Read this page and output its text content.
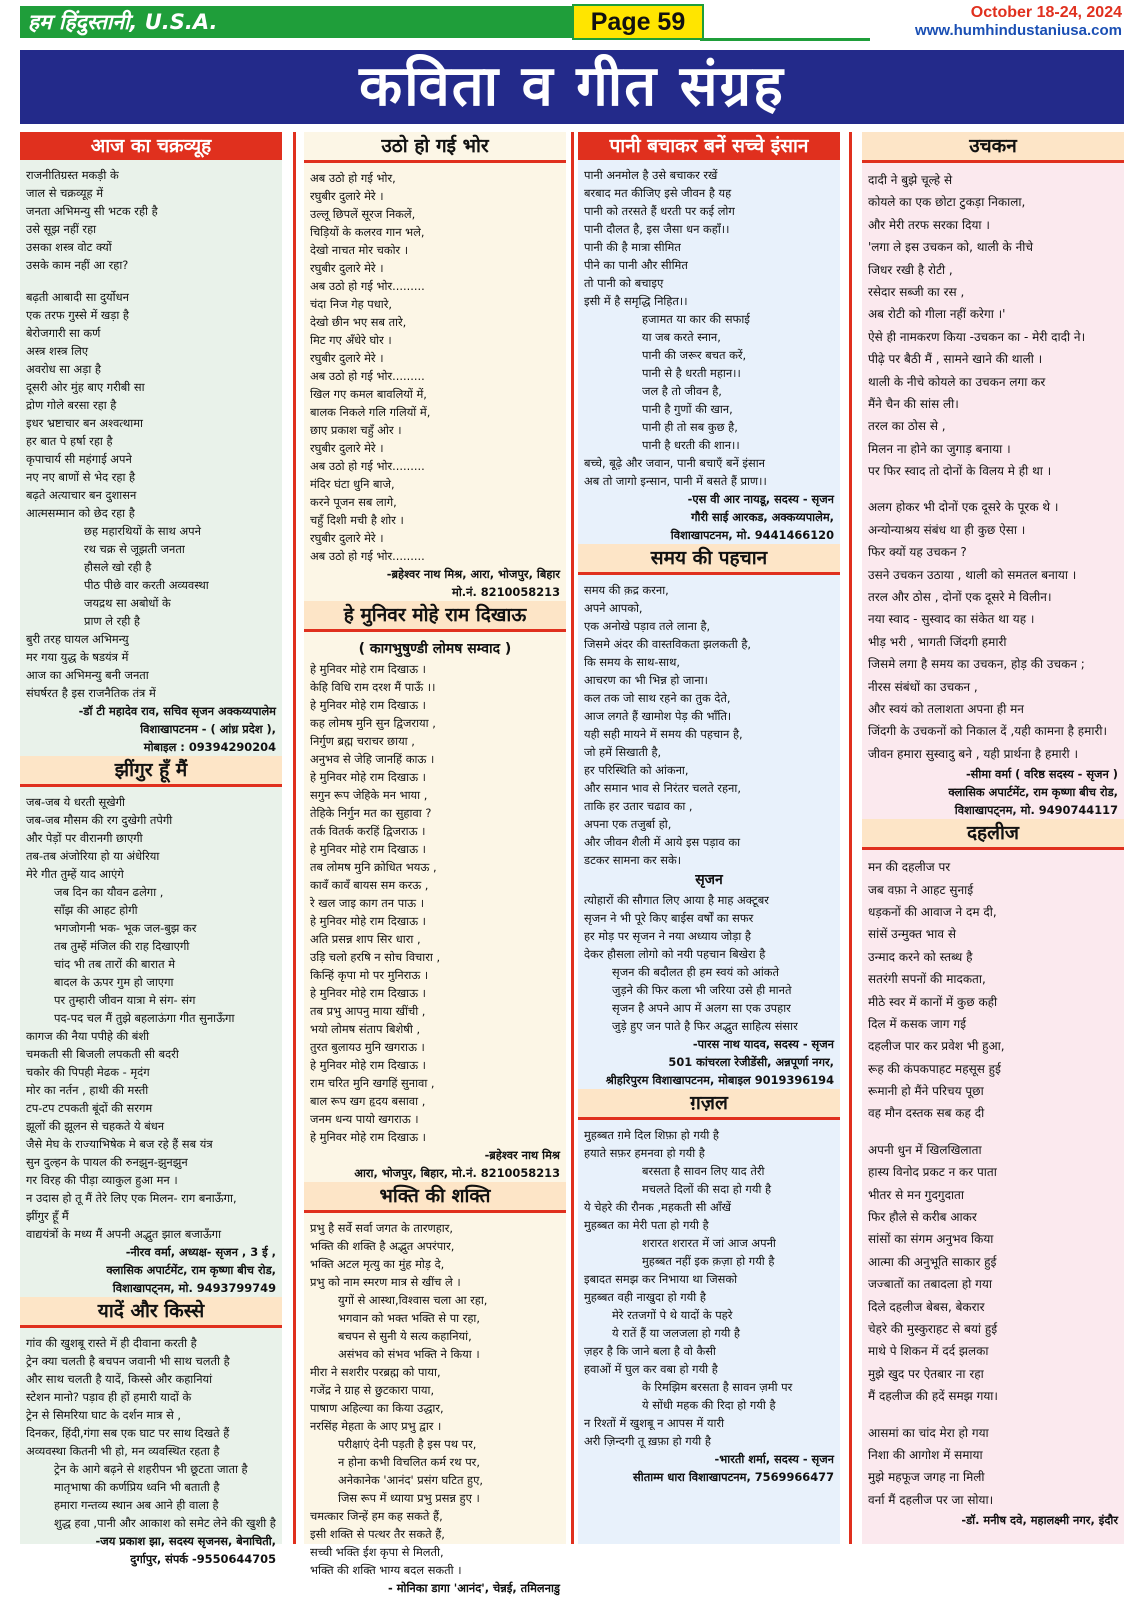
हम हिंदुस्तानी, U.S.A.	Page 59	October 18-24, 2024
www.humhindustaniusa.com
कविता व गीत संग्रह
आज का चक्रव्यूह
राजनीतिग्रस्त मकड़ी के
जाल से चक्रव्यूह में
जनता अभिमन्यु सी भटक रही है
उसे सूझ नहीं रहा
उसका शस्त्र वोट क्यों
उसके काम नहीं आ रहा?
बढ़ती आबादी सा दुर्योधन
एक तरफ गुस्से में खड़ा है
बेरोजगारी सा कर्ण
अस्त्र शस्त्र लिए
अवरोध सा अड़ा है
दूसरी ओर मुंह बाए गरीबी सा
द्रोण गोले बरसा रहा है
इधर भ्रष्टाचार बन अश्वत्थामा
हर बात पे हर्षा रहा है
कृपाचार्य सी महंगाई अपने
नए नए बाणों से भेद रहा है
बढ़ते अत्याचार बन दुशासन
आत्मसम्मान को छेद रहा है
छह महारथियों के साथ अपने
रथ चक्र से जूझती जनता
हौसले खो रही है
पीठ पीछे वार करती अव्यवस्था
जयद्रथ सा अबोधों के
प्राण ले रही है
बुरी तरह घायल अभिमन्यु
मर गया युद्ध के षडयंत्र में
आज का अभिमन्यु बनी जनता
संघर्षरत है इस राजनैतिक तंत्र में
-डॉ टी महादेव राव, सचिव सृजन अक्कय्यपालेम
विशाखापटनम - ( आंध्र प्रदेश ),
मोबाइल : 09394290204
झींगुर हूँ मैं
जब-जब ये धरती सूखेगी
जब-जब मौसम की रग दुखेगी तपेगी
और पेड़ों पर वीरानगी छाएगी
तब-तब अंजोरिया हो या अंधेरिया
मेरे गीत तुम्हें याद आएंगे
जब दिन का यौवन ढलेगा ,
साँझ की आहट होगी
भगजोगनी भक- भूक जल-बुझ कर
तब तुम्हें मंजिल की राह दिखाएगी
चांद भी तब तारों की बारात मे
बादल के ऊपर गुम हो जाएगा
पर तुम्हारी जीवन यात्रा मे संग- संग
पद-पद चल मैं तुझे बहलाऊंगा गीत सुनाऊँगा
कागज की नैया पपीहे की बंशी
चमकती सी बिजली लपकती सी बदरी
चकोर की पिपही मेढक - मृदंग
मोर का नर्तन , हाथी की मस्ती
टप-टप टपकती बूंदों की सरगम
झूलों की झूलन से चहकते ये बंधन
जैसे मेघ के राज्याभिषेक मे बज रहे हैं सब यंत्र
सुन दुल्हन के पायल की रुनझुन-झुनझुन
गर विरह की पीड़ा व्याकुल हुआ मन ।
न उदास हो तू मैं तेरे लिए एक मिलन- राग बनाऊँगा,
झींगुर हूँ मैं
वाद्ययंत्रों के मध्य मैं अपनी अद्भुत झाल बजाऊँगा
-नीरव वर्मा, अध्यक्ष- सृजन , 3 ई ,
क्लासिक अपार्टमेंट, राम कृष्णा बीच रोड,
विशाखापट्नम, मो. 9493799749
यादें और किस्से
गांव की खुशबू रास्ते में ही दीवाना करती है
ट्रेन क्या चलती है बचपन जवानी भी साथ चलती है
और साथ चलती है यादें, किस्से और कहानियां
स्टेशन मानो? पड़ाव ही हों हमारी यादों के
ट्रेन से सिमरिया घाट के दर्शन मात्र से ,
दिनकर, हिंदी,गंगा सब एक घाट पर साथ दिखते हैं
अव्यवस्था कितनी भी हो, मन व्यवस्थित रहता है
ट्रेन के आगे बढ़ने से शहरीपन भी छूटता जाता है
मातृभाषा की कर्णप्रिय ध्वनि भी बताती है
हमारा गन्तव्य स्थान अब आने ही वाला है
शुद्ध हवा ,पानी और आकाश को समेट लेने की खुशी है
-जय प्रकाश झा, सदस्य सृजनस, बेनाचिती,
दुर्गापुर, संपर्क -9550644705
उठो हो गई भोर
अब उठो हो गई भोर,
रघुबीर दुलारे मेरे ।
उल्लू छिपलें सूरज निकलें,
चिड़ियों के कलरव गान भले,
देखो नाचत मोर चकोर ।
रघुबीर दुलारे मेरे ।
अब उठो हो गई भोर.........
चंदा निज गेह पधारे,
देखो छीन भए सब तारे,
मिट गए अँधेरे घोर ।
रघुबीर दुलारे मेरे ।
अब उठो हो गई भोर.........
खिल गए कमल बावलियों में,
बालक निकले गलि गलियों में,
छाए प्रकाश चहुँ ओर ।
रघुबीर दुलारे मेरे ।
अब उठो हो गई भोर.........
मंदिर घंटा धुनि बाजे,
करने पूजन सब लागे,
चहुँ दिशी मची है शोर ।
रघुबीर दुलारे मेरे ।
अब उठो हो गई भोर.........
-ब्रहेश्वर नाथ मिश्र, आरा, भोजपुर, बिहार
मो.नं. 8210058213
हे मुनिवर मोहे राम दिखाऊ
( कागभुषुण्डी लोमष सम्वाद )
हे मुनिवर मोहे राम दिखाऊ ।
केहि विधि राम दरश मैं पाऊँ ।।
हे मुनिवर मोहे राम दिखाऊ ।
कह लोमष मुनि सुन द्विजराया ,
निर्गुण ब्रह्म चराचर छाया ,
अनुभव से जेहि जानहिं काऊ ।
हे मुनिवर मोहे राम दिखाऊ ।
सगुन रूप जेहिके मन भाया ,
तेहिके निर्गुन मत का सुहावा ?
तर्क वितर्क करहिं द्विजराऊ ।
हे मुनिवर मोहे राम दिखाऊ ।
तब लोमष मुनि क्रोधित भयऊ ,
कावँ कावँ बायस सम करऊ ,
रे खल जाइ काग तन पाऊ ।
हे मुनिवर मोहे राम दिखाऊ ।
अति प्रसन्न शाप सिर धारा ,
उड़ि चलो हरषि न सोच विचारा ,
किन्हिं कृपा मो पर मुनिराऊ ।
हे मुनिवर मोहे राम दिखाऊ ।
तब प्रभु आपनु माया खींची ,
भयो लोमष संताप बिशेषी ,
तुरत बुलायउ मुनि खगराऊ ।
हे मुनिवर मोहे राम दिखाऊ ।
राम चरित मुनि खगहिं सुनावा ,
बाल रूप खग हृदय बसावा ,
जनम धन्य पायो खगराऊ ।
हे मुनिवर मोहे राम दिखाऊ ।
-ब्रहेश्वर नाथ मिश्र
आरा, भोजपुर, बिहार, मो.नं. 8210058213
भक्ति की शक्ति
प्रभु है सर्वे सर्वा जगत के तारणहार,
भक्ति की शक्ति है अद्भुत अपरंपार,
भक्ति अटल मृत्यु का मुंह मोड़ दे,
प्रभु को नाम स्मरण मात्र से खींच ले ।
युगों से आस्था,विश्वास चला आ रहा,
भगवान को भक्त भक्ति से पा रहा,
बचपन से सुनी ये सत्य कहानियां,
असंभव को संभव भक्ति ने किया ।
मीरा ने सशरीर परब्रह्म को पाया,
गजेंद्र ने ग्राह से छुटकारा पाया,
पाषाण अहिल्या का किया उद्धार,
नरसिंह मेहता के आए प्रभु द्वार ।
परीक्षाएं देनी पड़ती है इस पथ पर,
न होना कभी विचलित कर्म रथ पर,
अनेकानेक 'आनंद' प्रसंग घटित हुए,
जिस रूप में ध्याया प्रभु प्रसन्न हुए ।
चमत्कार जिन्हें हम कह सकते हैं,
इसी शक्ति से पत्थर तैर सकते हैं,
सच्ची भक्ति ईश कृपा से मिलती,
भक्ति की शक्ति भाग्य बदल सकती ।
- मोनिका डागा 'आनंद', चेन्नई, तमिलनाडु
पानी बचाकर बनें सच्चे इंसान
पानी अनमोल है उसे बचाकर रखें
बरबाद मत कीजिए इसे जीवन है यह
पानी को तरसते हैं धरती पर कई लोग
पानी दौलत है, इस जैसा धन कहाँ।।
पानी की है मात्रा सीमित
पीने का पानी और सीमित
तो पानी को बचाइए
इसी में है समृद्धि निहित।।
हजामत या कार की सफाई
या जब करते स्नान,
पानी की जरूर बचत करें,
पानी से है धरती महान।।
जल है तो जीवन है,
पानी है गुणों की खान,
पानी ही तो सब कुछ है,
पानी है धरती की शान।।
बच्चे, बूढ़े और जवान, पानी बचाएँ बनें इंसान
अब तो जागो इन्सान, पानी में बसते हैं प्राण।।
-एस वी आर नायडू, सदस्य - सृजन
गौरी साई आरकड, अक्कय्यपालेम,
विशाखापटनम, मो. 9441466120
समय की पहचान
समय की क़द्र करना,
अपने आपको,
एक अनोखे पड़ाव तले लाना है,
जिसमे अंदर की वास्तविकता झलकती है,
कि समय के साथ-साथ,
आचरण का भी भिन्न हो जाना।
कल तक जो साथ रहने का तुक देते,
आज लगते हैं खामोश पेड़ की भाँति।
यही सही मायने में समय की पहचान है,
जो हमें सिखाती है,
हर परिस्थिति को आंकना,
और समान भाव से निरंतर चलते रहना,
ताकि हर उतार चढाव का ,
अपना एक तजुर्बा हो,
और जीवन शैली में आये इस पड़ाव का
डटकर सामना कर सके।
सृजन
त्योहारों की सौगात लिए आया है माह अक्टूबर
सृजन ने भी पूरे किए बाईस वर्षों का सफर
हर मोड़ पर सृजन ने नया अध्याय जोड़ा है
देकर हौसला लोगो को नयी पहचान बिखेरा है
सृजन की बदौलत ही हम स्वयं को आंकते
जुड़ने की फिर कला भी जरिया उसे ही मानते
सृजन है अपने आप में अलग सा एक उपहार
जुड़े हुए जन पाते है फिर अद्भुत साहित्य संसार
-पारस नाथ यादव, सदस्य - सृजन
501 कांचरला रेजीडेंसी, अन्नपूर्णा नगर,
श्रीहरिपुरम विशाखापटनम, मोबाइल 9019396194
ग़ज़ल
मुहब्बत ग़मे दिल शिफ़ा हो गयी है
हयाते सफ़र हमनवा हो गयी है
बरसता है सावन लिए याद तेरी
मचलते दिलों की सदा हो गयी है
ये चेहरे की रौनक ,महकती सी आँखें
मुहब्बत का मेरी पता हो गयी है
शरारत शरारत में जां आज अपनी
मुहब्बत नहीं इक क़ज़ा हो गयी है
इबादत समझ कर निभाया था जिसको
मुहब्बत वही नाखुदा हो गयी है
मेरे रतजगों पे थे यादों के पहरे
ये रातें हैं या जलजला हो गयी है
ज़हर है कि जाने बला है वो कैसी
हवाओं में घुल कर वबा हो गयी है
के रिमझिम बरसता है सावन ज़मी पर
ये सोंधी महक की रिदा हो गयी है
न रिश्तों में खुशबू न आपस में यारी
अरी ज़िन्दगी तू ख़फ़ा हो गयी है
-भारती शर्मा, सदस्य - सृजन
सीताम्म धारा विशाखापटनम, 7569966477
उचकन
दादी ने बुझे चूल्हे से
कोयले का एक छोटा टुकड़ा निकाला,
और मेरी तरफ सरका दिया ।
'लगा ले इस उचकन को, थाली के नीचे
जिधर रखी है रोटी ,
रसेदार सब्जी का रस ,
अब रोटी को गीला नहीं करेगा ।'
ऐसे ही नामकरण किया -उचकन का - मेरी दादी ने।
पीढ़े पर बैठी मैं , सामने खाने की थाली ।
थाली के नीचे कोयले का उचकन लगा कर
मैंने चैन की सांस ली।
तरल का ठोस से ,
मिलन ना होने का जुगाड़ बनाया ।
पर फिर स्वाद तो दोनों के विलय मे ही था ।
अलग होकर भी दोनों एक दूसरे के पूरक थे ।
अन्योन्याश्रय संबंध था ही कुछ ऐसा ।
फिर क्यों यह उचकन ?
उसने उचकन उठाया , थाली को समतल बनाया ।
तरल और ठोस , दोनों एक दूसरे मे विलीन।
नया स्वाद - सुस्वाद का संकेत था यह ।
भीड़ भरी , भागती जिंदगी हमारी
जिसमे लगा है समय का उचकन, होड़ की उचकन ;
नीरस संबंधों का उचकन ,
और स्वयं को तलाशता अपना ही मन
जिंदगी के उचकनों को निकाल दें ,यही कामना है हमारी।
जीवन हमारा सुस्वादु बने , यही प्रार्थना है हमारी ।
-सीमा वर्मा ( वरिष्ठ सदस्य - सृजन )
क्लासिक अपार्टमेंट, राम कृष्णा बीच रोड,
विशाखापट्नम, मो. 9490744117
दहलीज
मन की दहलीज पर
जब वफ़ा ने आहट सुनाई
धड़कनों की आवाज ने दम दी,
सांसें उन्मुक्त भाव से
उन्माद करने को स्तब्ध है
सतरंगी सपनों की मादकता,
मीठे स्वर में कानों में कुछ कही
दिल में कसक जाग गई
दहलीज पार कर प्रवेश भी हुआ,
रूह की कंपकपाहट महसूस हुई
रूमानी हो मैंने परिचय पूछा
वह मौन दस्तक सब कह दी
अपनी धुन में खिलखिलाता
हास्य विनोद प्रकट न कर पाता
भीतर से मन गुदगुदाता
फिर हौले से करीब आकर
सांसों का संगम अनुभव किया
आत्मा की अनुभूति साकार हुई
जज्बातों का तबादला हो गया
दिले दहलीज बेबस, बेकरार
चेहरे की मुस्कुराहट से बयां हुई
माथे पे शिकन में दर्द झलका
मुझे खुद पर ऐतबार ना रहा
मैं दहलीज की हदें समझ गया।
आसमां का चांद मेरा हो गया
निशा की आगोश में समाया
मुझे महफूज जगह ना मिली
वर्ना मैं दहलीज पर जा सोया।
-डॉ. मनीष दवे, महालक्ष्मी नगर, इंदौर
